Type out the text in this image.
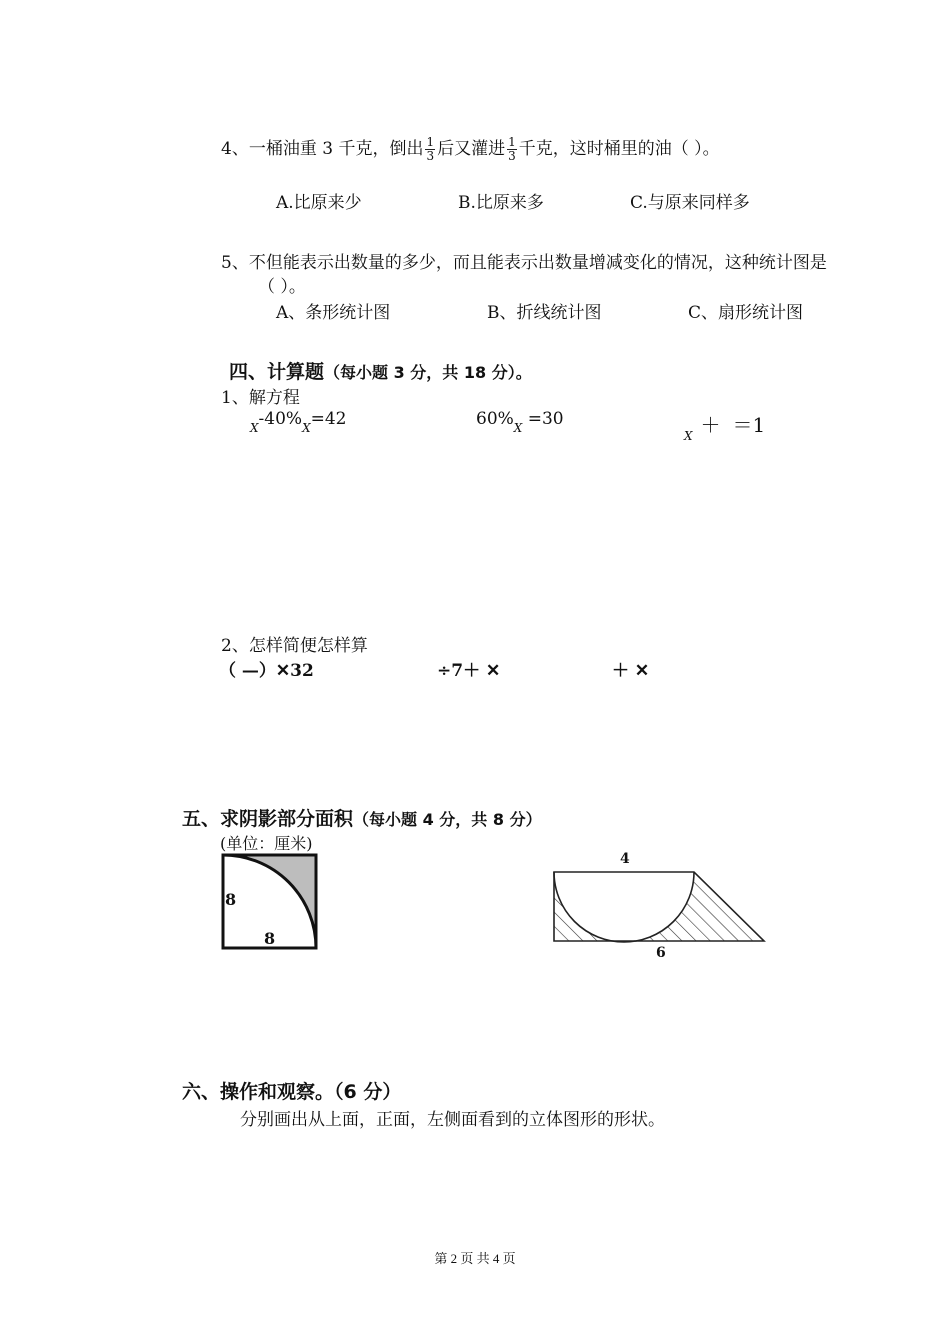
4、一桶油重 3 千克，倒出 $\frac{1}{3}$ 后又灌进 $\frac{1}{3}$ 千克，这时桶里的油（ ）。
A.比原来少	B.比原来多	C.与原来同样多
5、不但能表示出数量的多少，而且能表示出数量增减变化的情况，这种统计图是
（ ）。
A、条形统计图	B、折线统计图	C、扇形统计图
四、计算题（每小题 3 分，共 18 分）。
1、解方程
$_X-40\%_X=42$	$60\%_X =30$
$_X$ ＋ ＝1
2、怎样简便怎样算
（ —）✕32	÷7＋ ✕	＋ ✕
五、求阴影部分面积（每小题 4 分，共 8 分）
(单位：厘米)
8
8
4
6
六、操作和观察。（6 分）
分别画出从上面，正面，左侧面看到的立体图形的形状。
第 2 页 共 4 页
